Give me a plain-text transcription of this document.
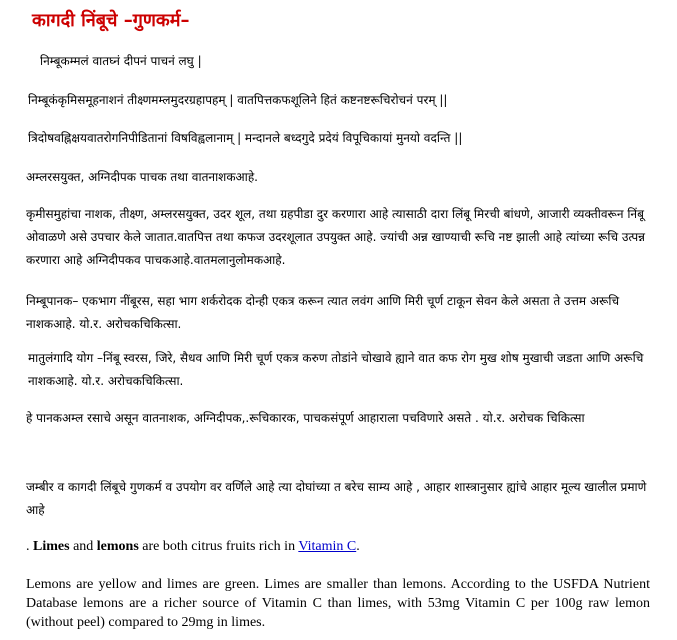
कागदी निंबूचे –गुणकर्म–
निम्बूकम्मलं वातघ्नं दीपनं पाचनं लघु |
निम्बूकंकृमिसमूहनाशनं तीक्ष्णमम्लमुदरग्रहापहम् | वातपित्तकफशूलिने हितं कष्टनष्टरूचिरोचनं परम् ||
त्रिदोषवह्निक्षयवातरोगनिपीडितानां विषविह्वलानाम् | मन्दानले बध्दगुदे प्रदेयं विपूचिकायां मुनयो वदन्ति ||
अम्लरसयुक्त, अग्निदीपक पाचक तथा वातनाशकआहे.
कृमीसमुहांचा नाशक, तीक्ष्ण, अम्लरसयुक्त, उदर शूल, तथा ग्रहपीडा दुर करणारा आहे त्यासाठी दारा लिंबू मिरची बांधणे, आजारी व्यक्तीवरून निंबू ओवाळणे असे उपचार केले जातात.वातपित्त तथा कफज उदरशूलात उपयुक्त आहे. ज्यांची अन्न खाण्याची रूचि नष्ट झाली आहे त्यांच्या रूचि उत्पन्न करणारा आहे अग्निदीपकव पाचकआहे.वातमलानुलोमकआहे.
निम्बूपानक– एकभाग नींबूरस, सहा भाग शर्करोदक दोन्ही एकत्र करून त्यात लवंग आणि मिरी चूर्ण टाकून सेवन केले असता ते उत्तम अरूचि नाशकआहे. यो.र. अरोचकचिकित्सा.
मातुलंगादि योग –निंबू स्वरस, जिरे, सैधव आणि मिरी चूर्ण एकत्र करुण तोडांने चोखावे ह्याने वात कफ रोग मुख शोष मुखाची जडता आणि अरूचि नाशकआहे. यो.र. अरोचकचिकित्सा.
हे पानकअम्ल रसाचे असून वातनाशक, अग्निदीपक,.रूचिकारक, पाचकसंपूर्ण आहाराला पचविणारे असते . यो.र. अरोचक चिकित्सा
जम्बीर व कागदी लिंबूचे गुणकर्म व उपयोग वर वर्णिले आहे त्या दोघांच्या त बरेच साम्य आहे , आहार शास्त्रानुसार ह्यांचे आहार मूल्य खालील प्रमाणे आहे
. Limes and lemons are both citrus fruits rich in Vitamin C.
Lemons are yellow and limes are green. Limes are smaller than lemons. According to the USFDA Nutrient Database lemons are a richer source of Vitamin C than limes, with 53mg Vitamin C per 100g raw lemon (without peel) compared to 29mg in limes.
